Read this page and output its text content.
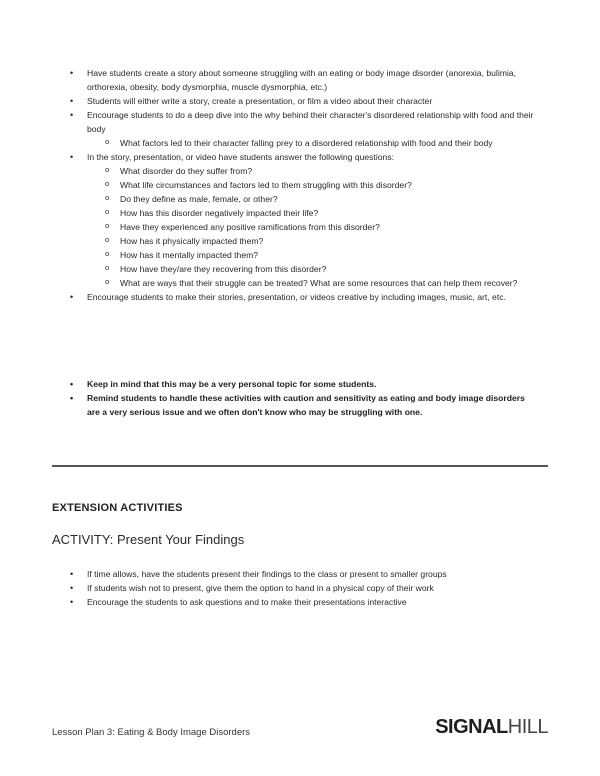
• Have students create a story about someone struggling with an eating or body image disorder (anorexia, bulimia, orthorexia, obesity, body dysmorphia, muscle dysmorphia, etc.)
• Students will either write a story, create a presentation, or film a video about their character
• Encourage students to do a deep dive into the why behind their character's disordered relationship with food and their body
o What factors led to their character falling prey to a disordered relationship with food and their body
• In the story, presentation, or video have students answer the following questions:
o What disorder do they suffer from?
o What life circumstances and factors led to them struggling with this disorder?
o Do they define as male, female, or other?
o How has this disorder negatively impacted their life?
o Have they experienced any positive ramifications from this disorder?
o How has it physically impacted them?
o How has it mentally impacted them?
o How have they/are they recovering from this disorder?
o What are ways that their struggle can be treated? What are some resources that can help them recover?
• Encourage students to make their stories, presentation, or videos creative by including images, music, art, etc.
• Keep in mind that this may be a very personal topic for some students.
• Remind students to handle these activities with caution and sensitivity as eating and body image disorders are a very serious issue and we often don't know who may be struggling with one.
EXTENSION ACTIVITIES
ACTIVITY: Present Your Findings
• If time allows, have the students present their findings to the class or present to smaller groups
• If students wish not to present, give them the option to hand in a physical copy of their work
• Encourage the students to ask questions and to make their presentations interactive
Lesson Plan 3: Eating & Body Image Disorders	SIGNALHILL
